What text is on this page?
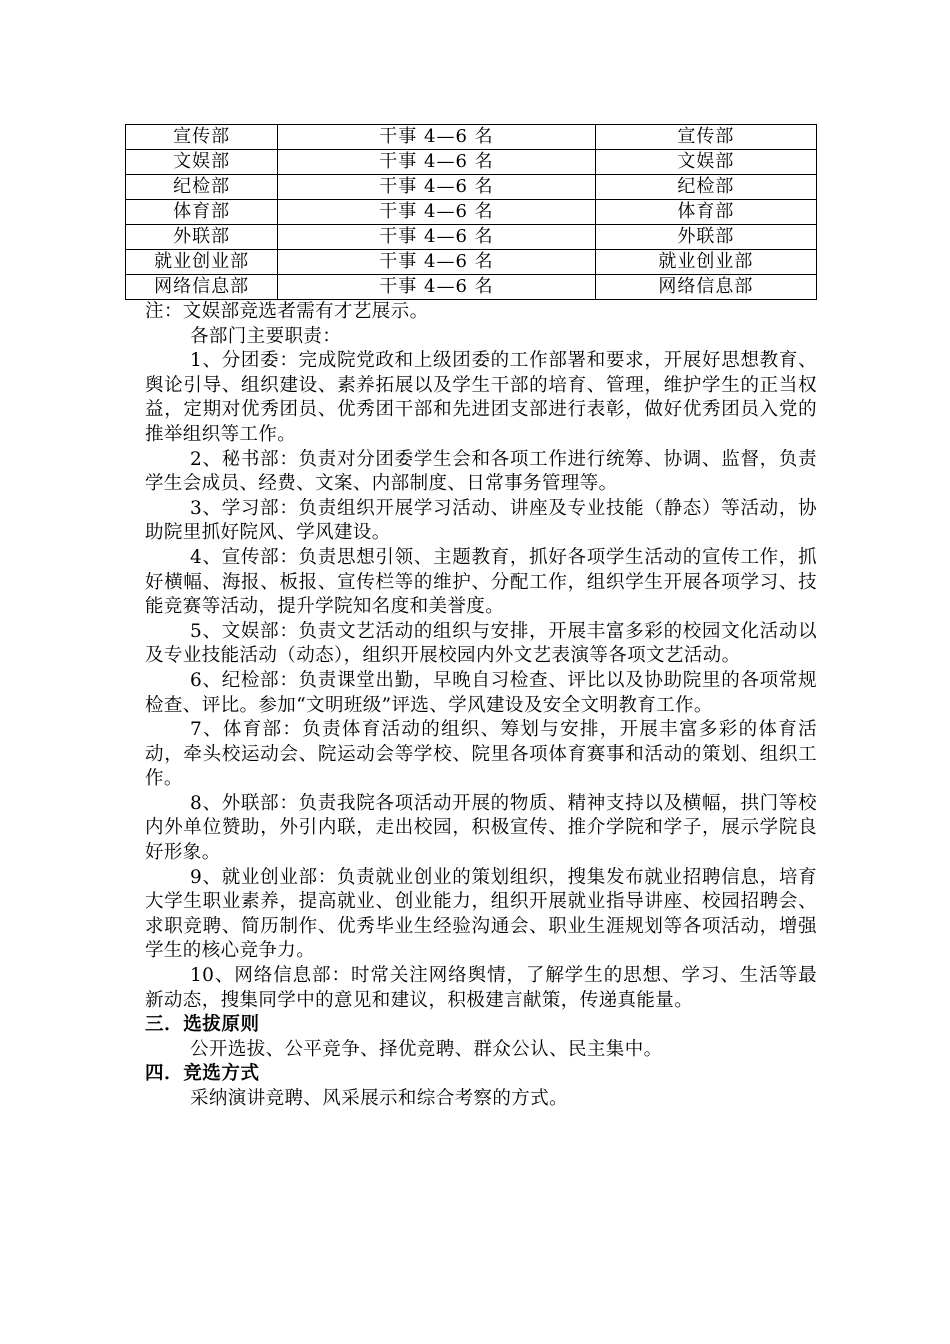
宣传部	干事 4—6 名	宣传部
文娱部	干事 4—6 名	文娱部
纪检部	干事 4—6 名	纪检部
体育部	干事 4—6 名	体育部
外联部	干事 4—6 名	外联部
就业创业部	干事 4—6 名	就业创业部
网络信息部	干事 4—6 名	网络信息部

注：文娱部竞选者需有才艺展示。

各部门主要职责：

1、分团委：完成院党政和上级团委的工作部署和要求，开展好思想教育、舆论引导、组织建设、素养拓展以及学生干部的培育、管理，维护学生的正当权益，定期对优秀团员、优秀团干部和先进团支部进行表彰，做好优秀团员入党的推举组织等工作。

2、秘书部：负责对分团委学生会和各项工作进行统筹、协调、监督，负责学生会成员、经费、文案、内部制度、日常事务管理等。

3、学习部：负责组织开展学习活动、讲座及专业技能（静态）等活动，协助院里抓好院风、学风建设。

4、宣传部：负责思想引领、主题教育，抓好各项学生活动的宣传工作，抓好横幅、海报、板报、宣传栏等的维护、分配工作，组织学生开展各项学习、技能竞赛等活动，提升学院知名度和美誉度。

5、文娱部：负责文艺活动的组织与安排，开展丰富多彩的校园文化活动以及专业技能活动（动态），组织开展校园内外文艺表演等各项文艺活动。

6、纪检部：负责课堂出勤，早晚自习检查、评比以及协助院里的各项常规检查、评比。参加“文明班级”评选、学风建设及安全文明教育工作。

7、体育部：负责体育活动的组织、筹划与安排，开展丰富多彩的体育活动，牵头校运动会、院运动会等学校、院里各项体育赛事和活动的策划、组织工作。

8、外联部：负责我院各项活动开展的物质、精神支持以及横幅，拱门等校内外单位赞助，外引内联，走出校园，积极宣传、推介学院和学子，展示学院良好形象。

9、就业创业部：负责就业创业的策划组织，搜集发布就业招聘信息，培育大学生职业素养，提高就业、创业能力，组织开展就业指导讲座、校园招聘会、求职竞聘、简历制作、优秀毕业生经验沟通会、职业生涯规划等各项活动，增强学生的核心竞争力。

10、网络信息部：时常关注网络舆情，了解学生的思想、学习、生活等最新动态，搜集同学中的意见和建议，积极建言献策，传递真能量。

三．选拔原则

公开选拔、公平竞争、择优竞聘、群众公认、民主集中。

四．竞选方式

采纳演讲竞聘、风采展示和综合考察的方式。
